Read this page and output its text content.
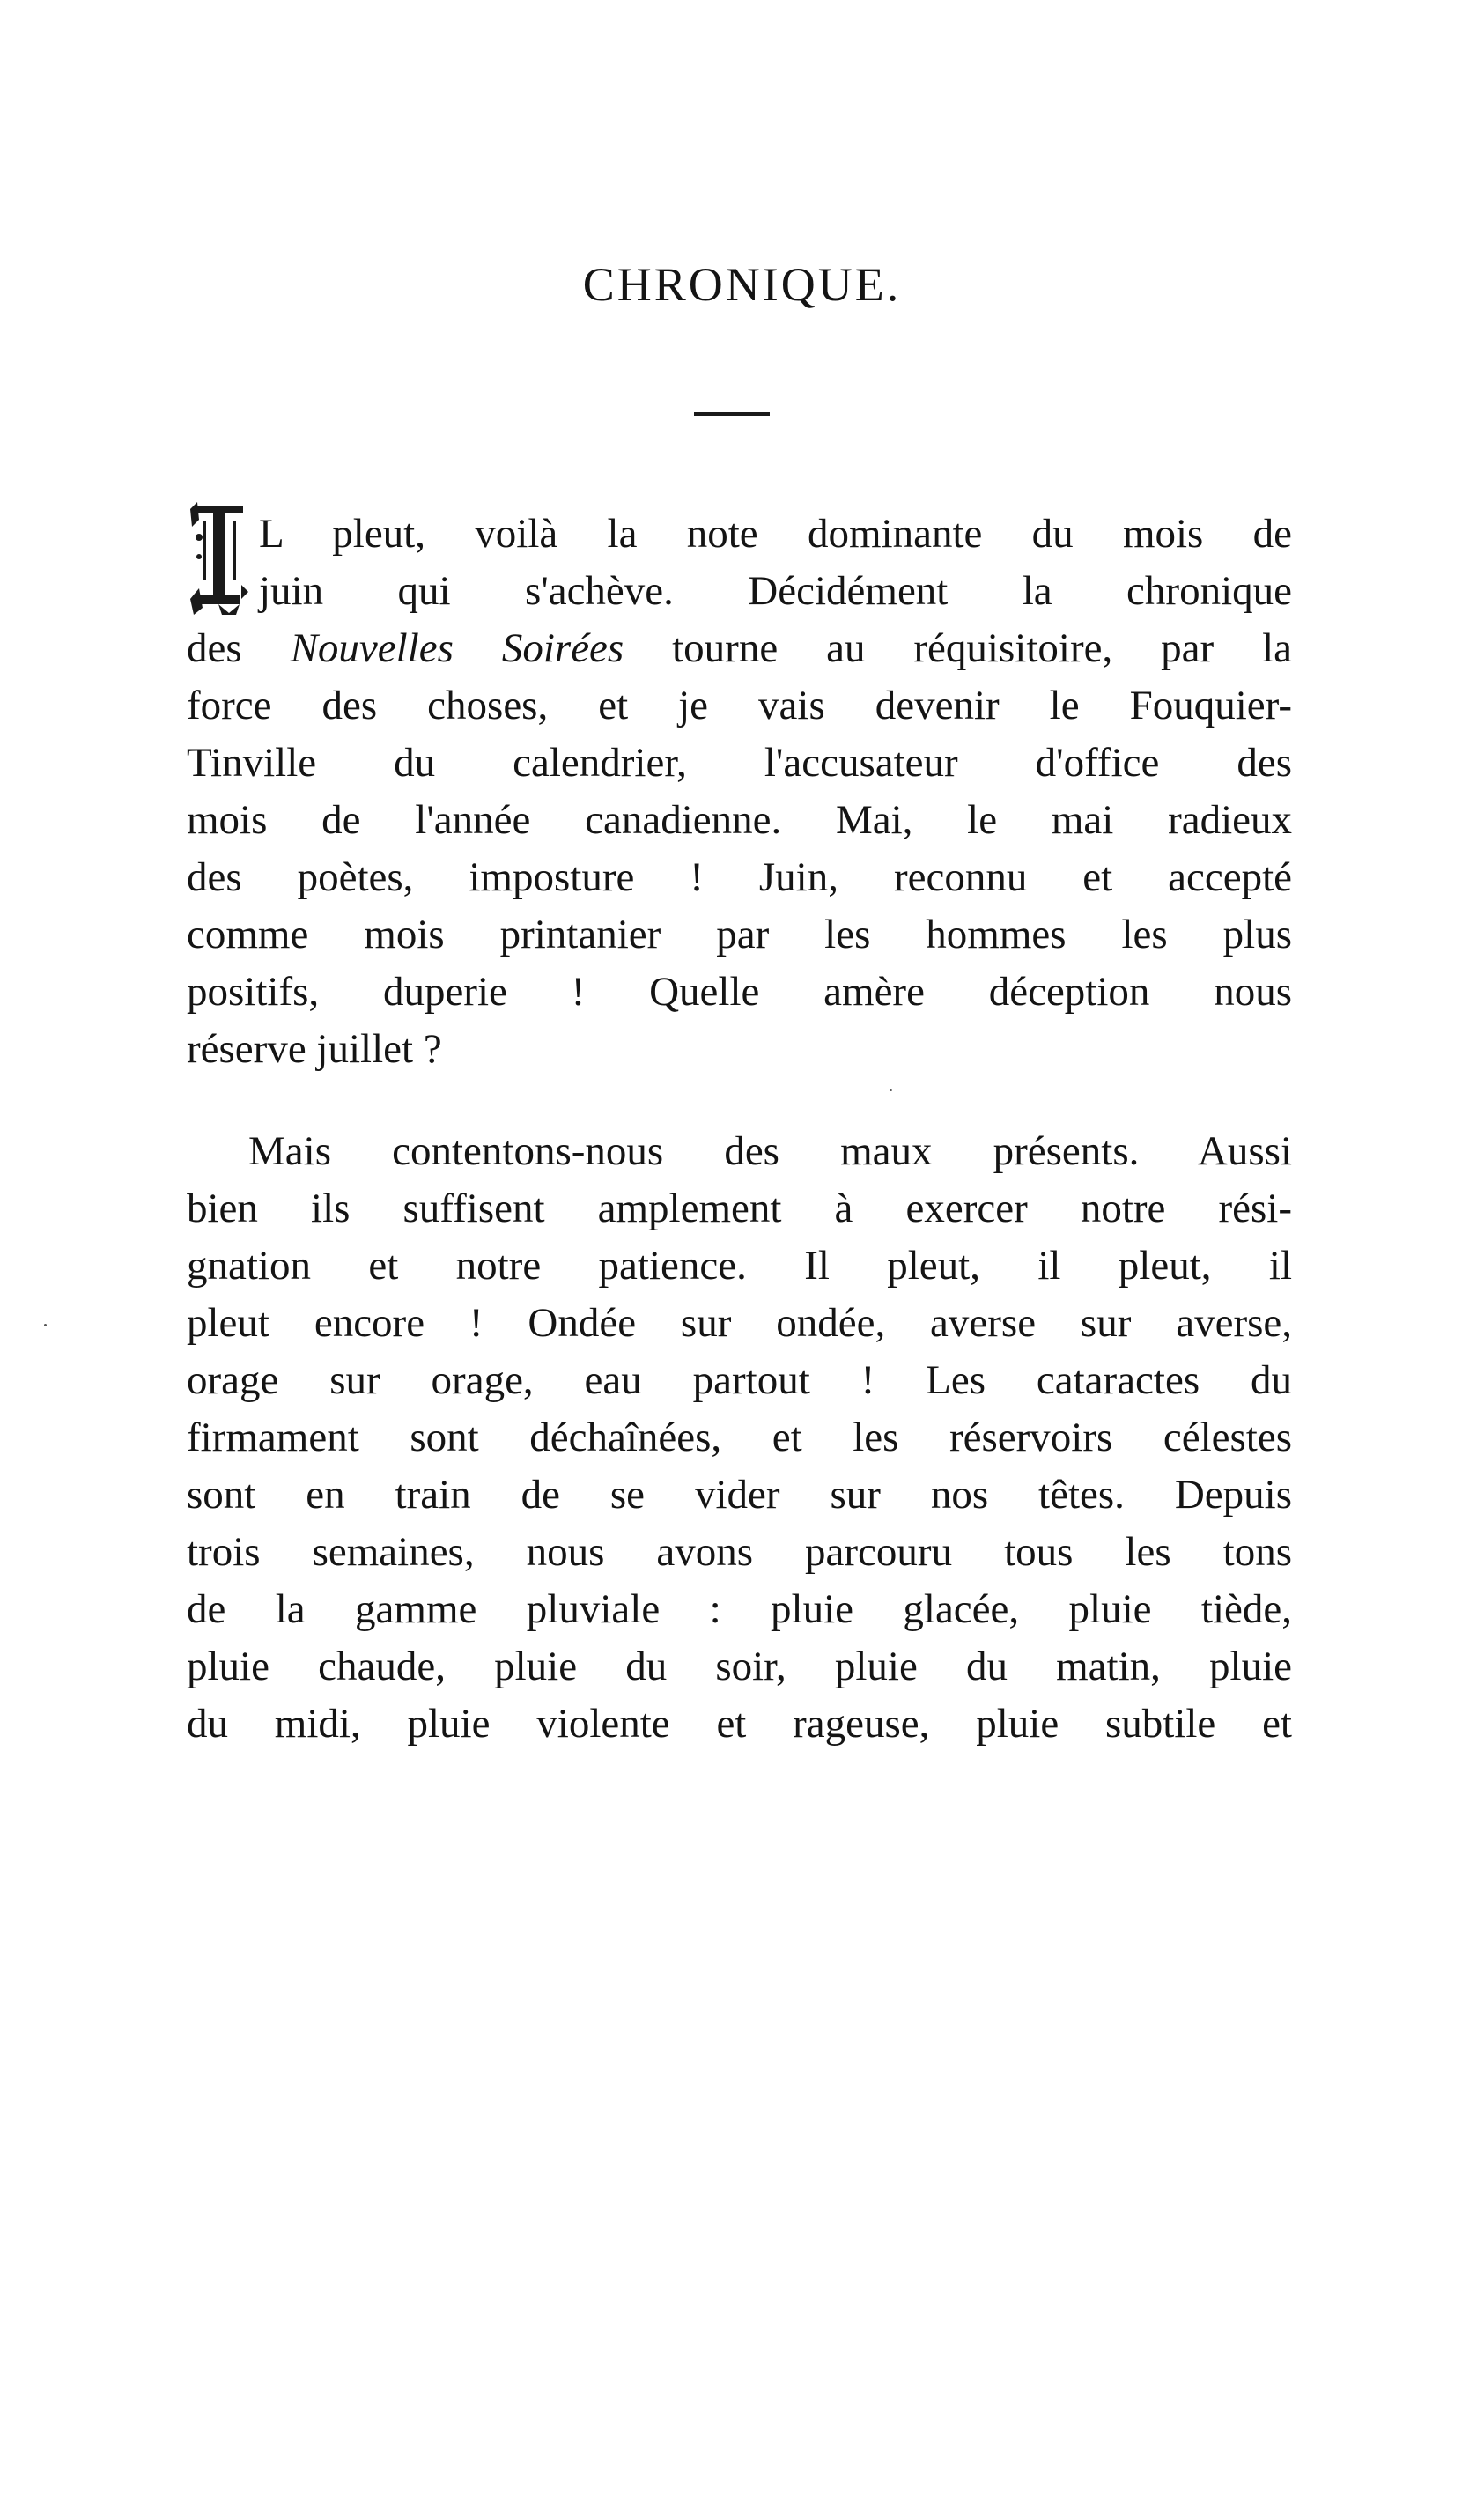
CHRONIQUE.
L pleut, voilà la note dominante du mois de
juin qui s'achève. Décidément la chronique
des Nouvelles Soirées tourne au réquisitoire, par la
force des choses, et je vais devenir le Fouquier-
Tinville du calendrier, l'accusateur d'office des
mois de l'année canadienne. Mai, le mai radieux
des poètes, imposture ! Juin, reconnu et accepté
comme mois printanier par les hommes les plus
positifs, duperie ! Quelle amère déception nous
réserve juillet ?
Mais contentons-nous des maux présents. Aussi
bien ils suffisent amplement à exercer notre rési-
gnation et notre patience. Il pleut, il pleut, il
pleut encore ! Ondée sur ondée, averse sur averse,
orage sur orage, eau partout ! Les cataractes du
firmament sont déchaînées, et les réservoirs célestes
sont en train de se vider sur nos têtes. Depuis
trois semaines, nous avons parcouru tous les tons
de la gamme pluviale : pluie glacée, pluie tiède,
pluie chaude, pluie du soir, pluie du matin, pluie
du midi, pluie violente et rageuse, pluie subtile et
